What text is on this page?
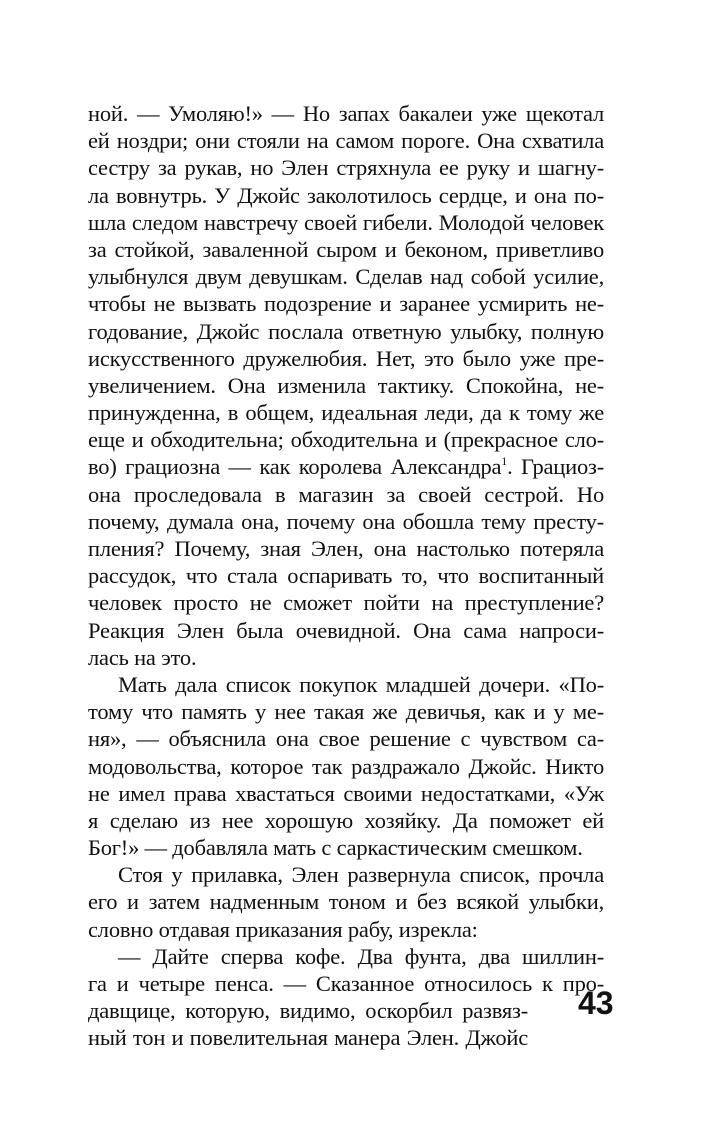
ной. — Умоляю!» — Но запах бакалеи уже щекотал
ей ноздри; они стояли на самом пороге. Она схватила
сестру за рукав, но Элен стряхнула ее руку и шагну-
ла вовнутрь. У Джойс заколотилось сердце, и она по-
шла следом навстречу своей гибели. Молодой человек
за стойкой, заваленной сыром и беконом, приветливо
улыбнулся двум девушкам. Сделав над собой усилие,
чтобы не вызвать подозрение и заранее усмирить не-
годование, Джойс послала ответную улыбку, полную
искусственного дружелюбия. Нет, это было уже пре-
увеличением. Она изменила тактику. Спокойна, не-
принужденна, в общем, идеальная леди, да к тому же
еще и обходительна; обходительна и (прекрасное сло-
во) грациозна — как королева Александра$^1$. Грациоз-
она проследовала в магазин за своей сестрой. Но
почему, думала она, почему она обошла тему престу-
пления? Почему, зная Элен, она настолько потеряла
рассудок, что стала оспаривать то, что воспитанный
человек просто не сможет пойти на преступление?
Реакция Элен была очевидной. Она сама напроси-
лась на это.
Мать дала список покупок младшей дочери. «По-
тому что память у нее такая же девичья, как и у ме-
ня», — объяснила она свое решение с чувством са-
модовольства, которое так раздражало Джойс. Никто
не имел права хвастаться своими недостатками, «Уж
я сделаю из нее хорошую хозяйку. Да поможет ей
Бог!» — добавляла мать с саркастическим смешком.
Стоя у прилавка, Элен развернула список, прочла
его и затем надменным тоном и без всякой улыбки,
словно отдавая приказания рабу, изрекла:
— Дайте сперва кофе. Два фунта, два шиллин-
га и четыре пенса. — Сказанное относилось к про-
давщице, которую, видимо, оскорбил развяз-
ный тон и повелительная манера Элен. Джойс
43
